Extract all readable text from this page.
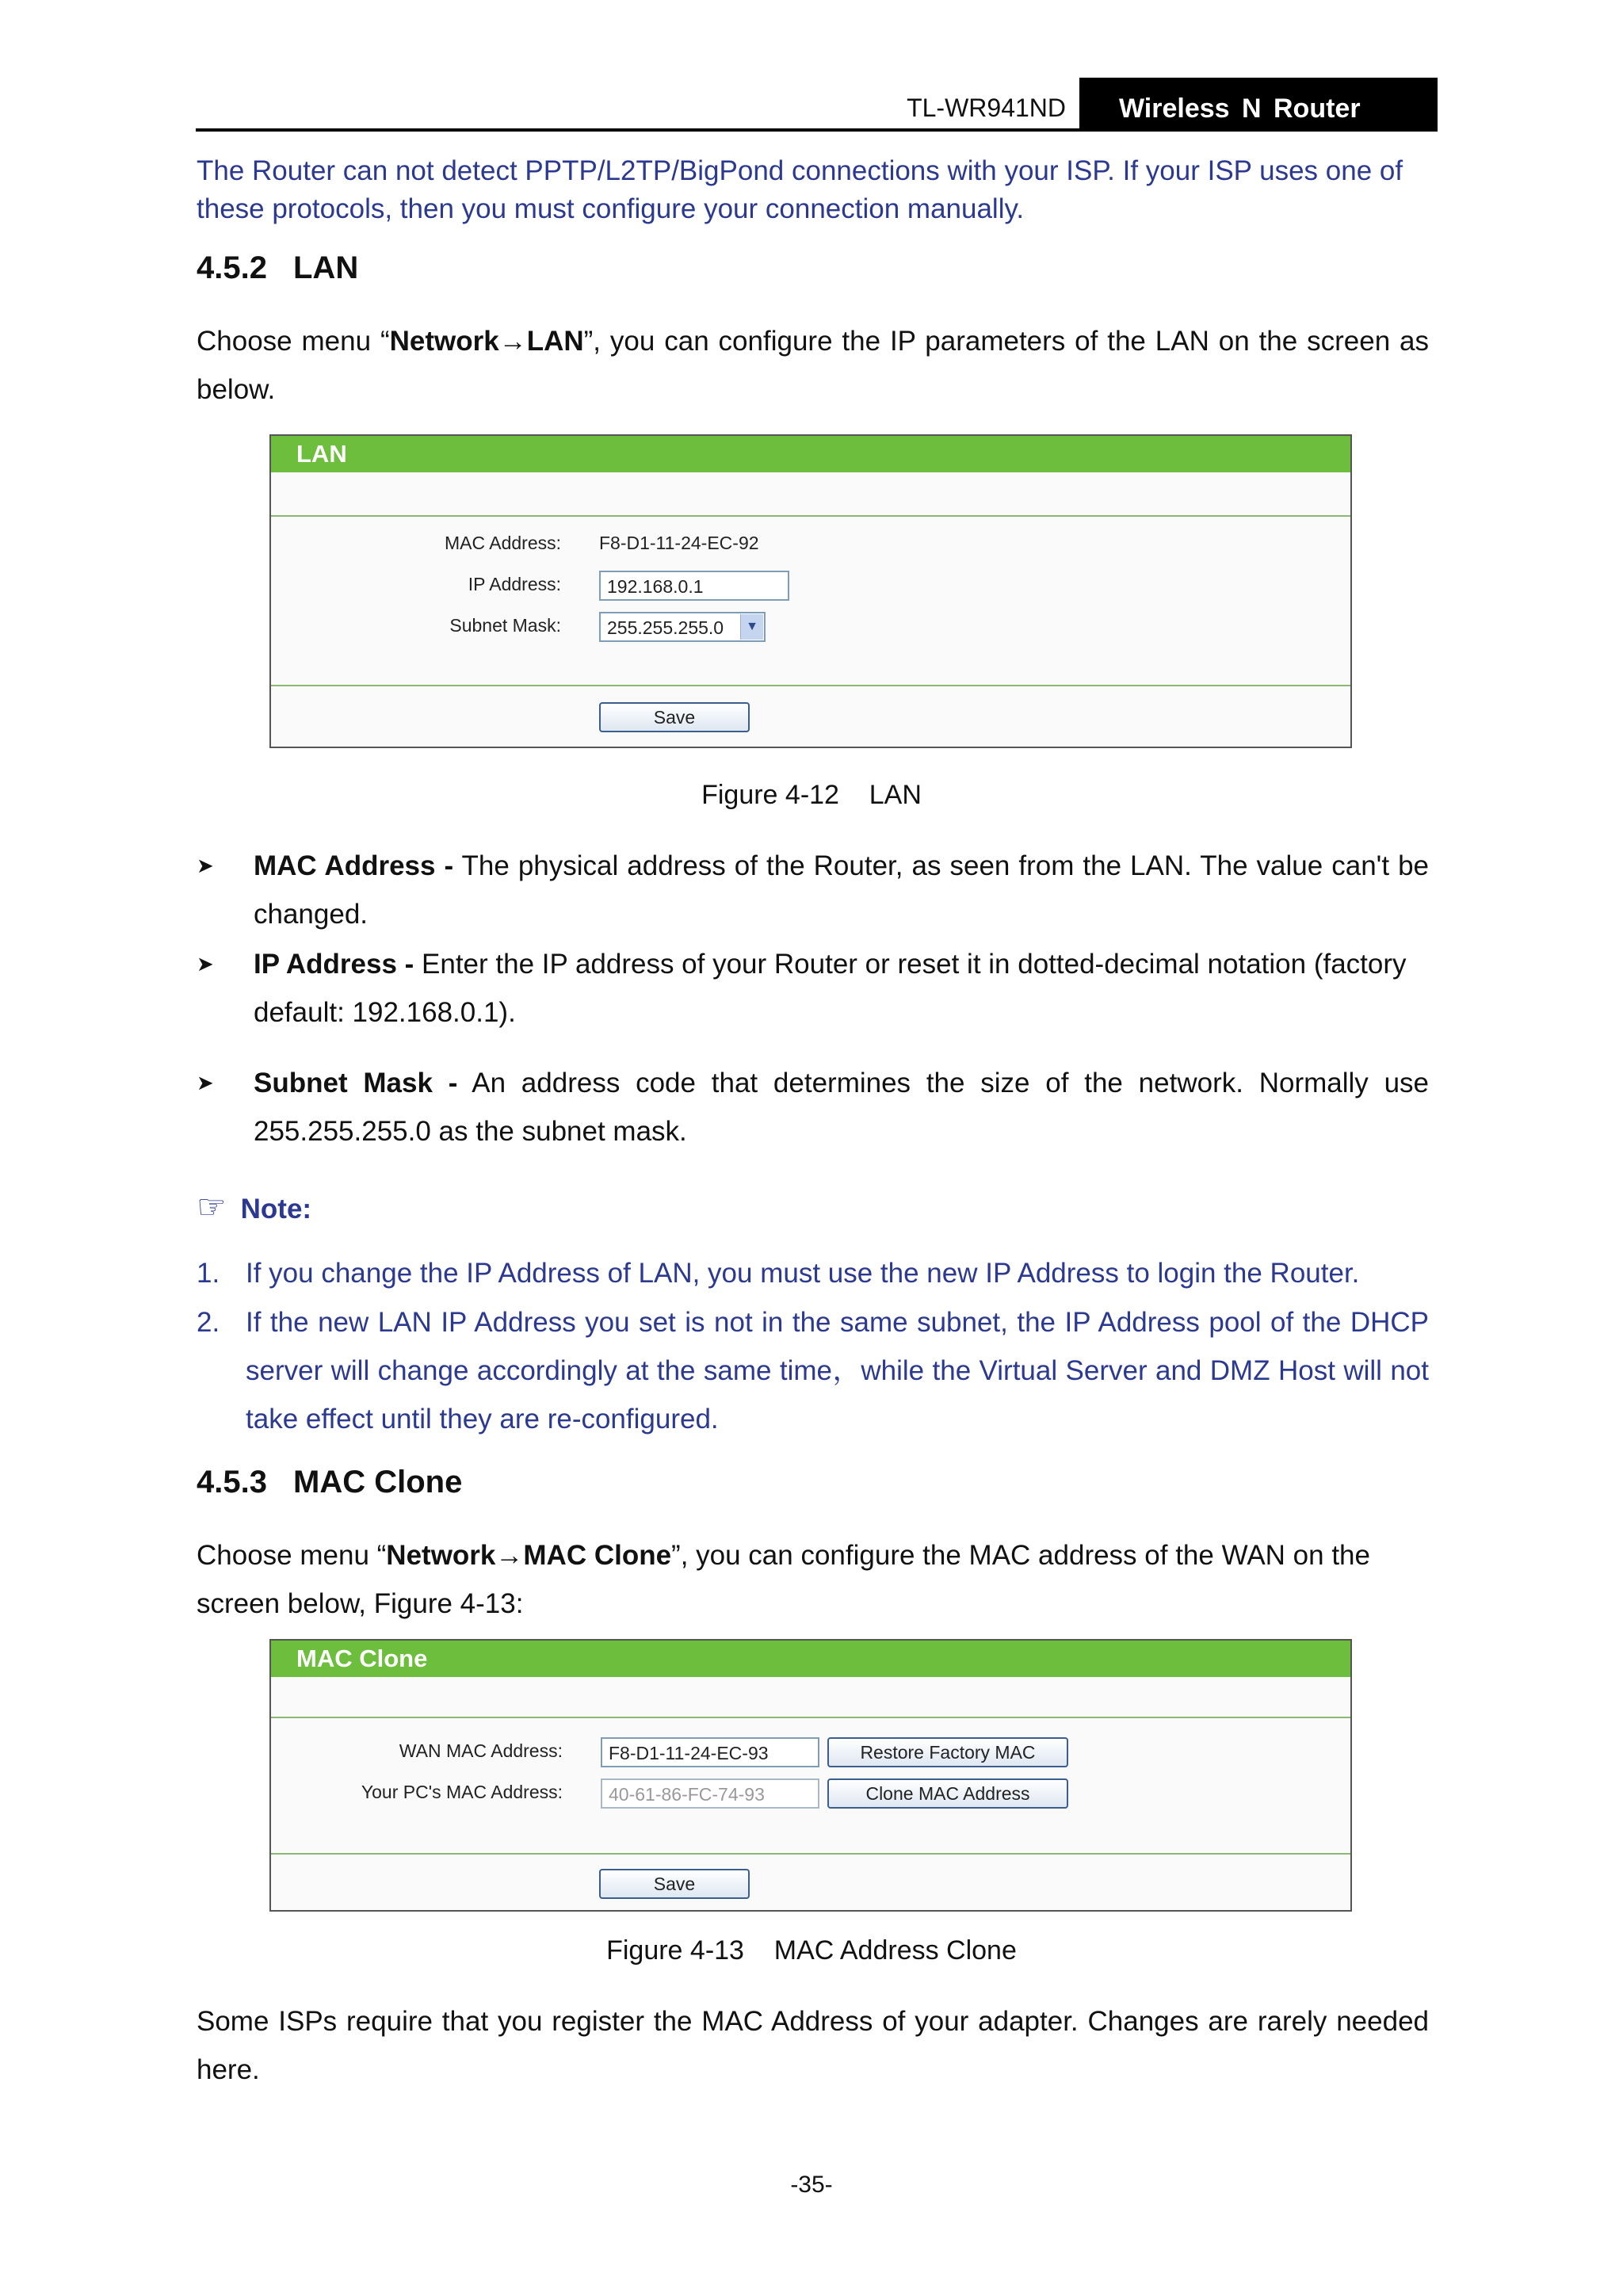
TL-WR941ND Wireless N Router
The Router can not detect PPTP/L2TP/BigPond connections with your ISP. If your ISP uses one of these protocols, then you must configure your connection manually.
4.5.2 LAN
Choose menu “Network→LAN”, you can configure the IP parameters of the LAN on the screen as below.
LAN
MAC Address: F8-D1-11-24-EC-92
IP Address:	192.168.0.1
Subnet Mask:	255.255.255.0	▼
Save
Figure 4-12    LAN
➤ MAC Address - The physical address of the Router, as seen from the LAN. The value can't be changed.
➤ IP Address - Enter the IP address of your Router or reset it in dotted-decimal notation (factory default: 192.168.0.1).
➤ Subnet Mask - An address code that determines the size of the network. Normally use 255.255.255.0 as the subnet mask.
☞ Note:
1. If you change the IP Address of LAN, you must use the new IP Address to login the Router.
2. If the new LAN IP Address you set is not in the same subnet, the IP Address pool of the DHCP server will change accordingly at the same time，while the Virtual Server and DMZ Host will not take effect until they are re-configured.
4.5.3 MAC Clone
Choose menu “Network→MAC Clone”, you can configure the MAC address of the WAN on the screen below, Figure 4-13:
MAC Clone
WAN MAC Address:	F8-D1-11-24-EC-93	Restore Factory MAC
Your PC's MAC Address:	40-61-86-FC-74-93	Clone MAC Address
Save
Figure 4-13    MAC Address Clone
Some ISPs require that you register the MAC Address of your adapter. Changes are rarely needed here.
-35-
